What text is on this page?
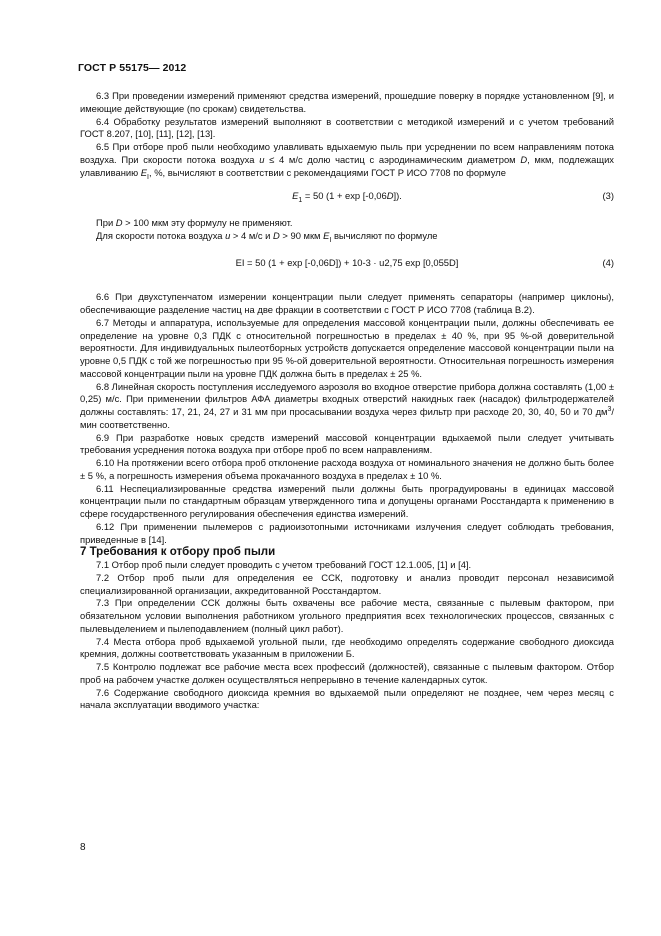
ГОСТ Р 55175— 2012

6.3 При проведении измерений применяют средства измерений, прошедшие поверку в порядке установленном [9], и имеющие действующие (по срокам) свидетельства.

6.4 Обработку результатов измерений выполняют в соответствии с методикой измерений и с учетом требований ГОСТ 8.207, [10], [11], [12], [13].

6.5 При отборе проб пыли необходимо улавливать вдыхаемую пыль при усреднении по всем направлениям потока воздуха. При скорости потока воздуха u ≤ 4 м/с долю частиц с аэродинамическим диаметром D, мкм, подлежащих улавливанию $E_I$, %, вычисляют в соответствии с рекомендациями ГОСТ Р ИСО 7708 по формуле

$E_1 = 50$ (1 + exp [-0,06D]).	(3)

При D > 100 мкм эту формулу не применяют.

Для скорости потока воздуха u > 4 м/с и D > 90 мкм $E_I$ вычисляют по формуле

EI = 50 (1 + exp [-0,06D]) + 10-3 · u2,75 exp [0,055D]	(4)

6.6 При двухступенчатом измерении концентрации пыли следует применять сепараторы (например циклоны), обеспечивающие разделение частиц на две фракции в соответствии с ГОСТ Р ИСО 7708 (таблица В.2).

6.7 Методы и аппаратура, используемые для определения массовой концентрации пыли, должны обеспечивать ее определение на уровне 0,3 ПДК с относительной погрешностью в пределах ± 40 %, при 95 %-ой доверительной вероятности. Для индивидуальных пылеотборных устройств допускается определение массовой концентрации пыли на уровне 0,5 ПДК с той же погрешностью при 95 %-ой доверительной вероятности. Относительная погрешность измерения массовой концентрации пыли на уровне ПДК должна быть в пределах ± 25 %.

6.8 Линейная скорость поступления исследуемого аэрозоля во входное отверстие прибора должна составлять (1,00 ± 0,25) м/с. При применении фильтров АФА диаметры входных отверстий накидных гаек (насадок) фильтродержателей должны составлять: 17, 21, 24, 27 и 31 мм при просасывании воздуха через фильтр при расходе 20, 30, 40, 50 и 70 $дм^3$/мин соответственно.

6.9 При разработке новых средств измерений массовой концентрации вдыхаемой пыли следует учитывать требования усреднения потока воздуха при отборе проб по всем направлениям.

6.10 На протяжении всего отбора проб отклонение расхода воздуха от номинального значения не должно быть более ± 5 %, а погрешность измерения объема прокачанного воздуха в пределах ± 10 %.

6.11 Неспециализированные средства измерений пыли должны быть проградуированы в единицах массовой концентрации пыли по стандартным образцам утвержденного типа и допущены органами Росстандарта к применению в сфере государственного регулирования обеспечения единства измерений.

6.12 При применении пылемеров с радиоизотопными источниками излучения следует соблюдать требования, приведенные в [14].

7 Требования к отбору проб пыли

7.1 Отбор проб пыли следует проводить с учетом требований ГОСТ 12.1.005, [1] и [4].

7.2 Отбор проб пыли для определения ее ССК, подготовку и анализ проводит персонал независимой специализированной организации, аккредитованной Росстандартом.

7.3 При определении ССК должны быть охвачены все рабочие места, связанные с пылевым фактором, при обязательном условии выполнения работником угольного предприятия всех технологических процессов, связанных с пылевыделением и пылеподавлением (полный цикл работ).

7.4 Места отбора проб вдыхаемой угольной пыли, где необходимо определять содержание свободного диоксида кремния, должны соответствовать указанным в приложении Б.

7.5 Контролю подлежат все рабочие места всех профессий (должностей), связанные с пылевым фактором. Отбор проб на рабочем участке должен осуществляться непрерывно в течение календарных суток.

7.6 Содержание свободного диоксида кремния во вдыхаемой пыли определяют не позднее, чем через месяц с начала эксплуатации вводимого участка:

8
